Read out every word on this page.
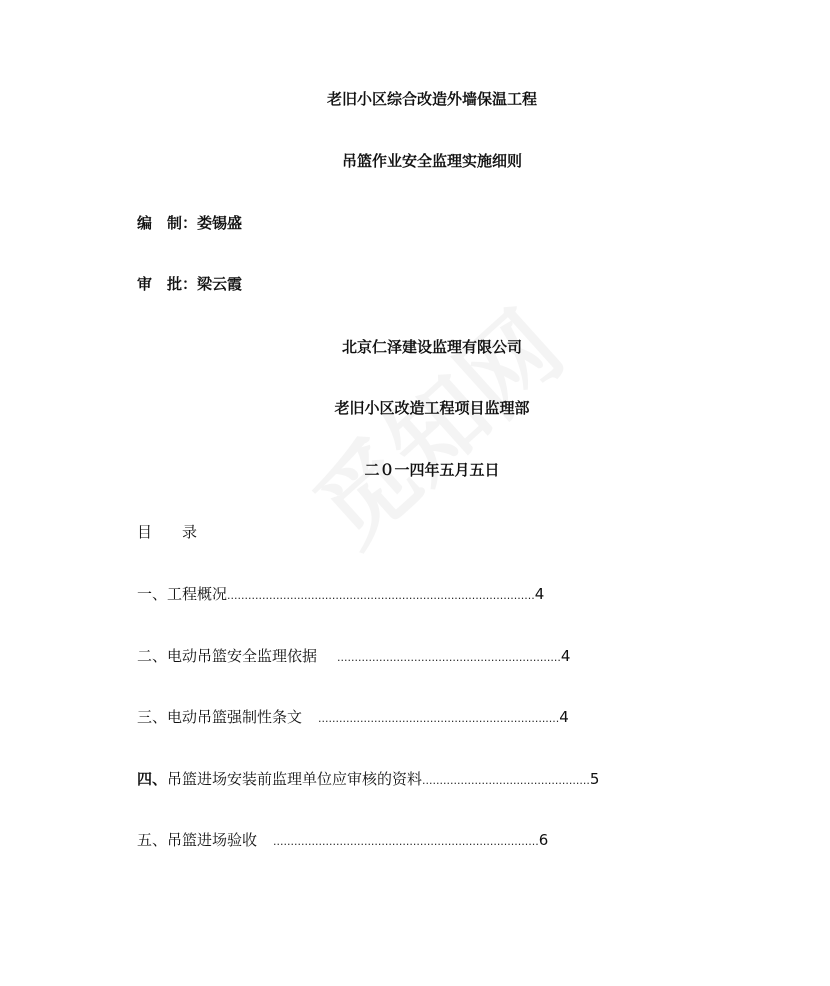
老旧小区综合改造外墙保温工程
吊篮作业安全监理实施细则
编　制：娄锡盛
审　批：梁云霞
北京仁泽建设监理有限公司
老旧小区改造工程项目监理部
二０一四年五月五日
目　　录
一、工程概况........................................................................................4
二、电动吊篮安全监理依据 ................................................................4
三、电动吊篮强制性条文 .....................................................................4
四、吊篮进场安装前监理单位应审核的资料................................................5
五、吊篮进场验收 ............................................................................6
